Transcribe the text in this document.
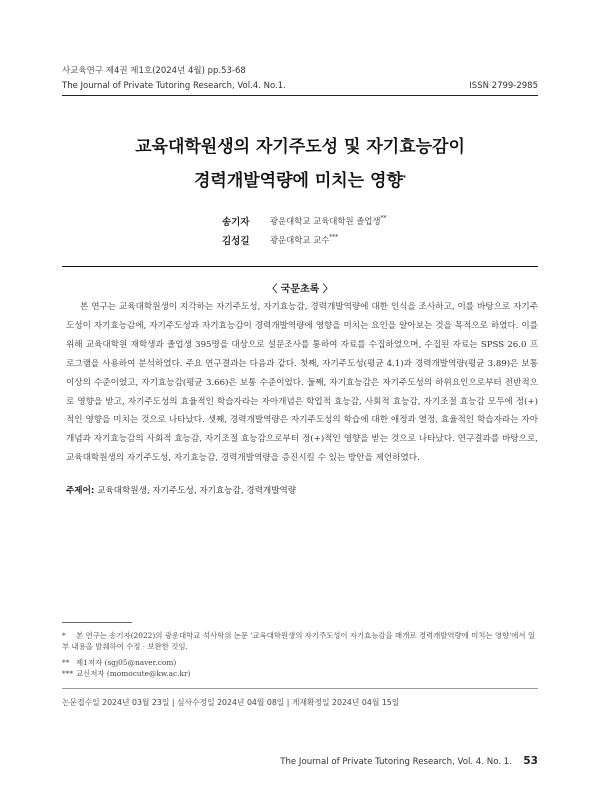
사교육연구 제4권 제1호(2024년 4월) pp.53-68
The Journal of Private Tutoring Research, Vol.4. No.1.	ISSN 2799-2985
교육대학원생의 자기주도성 및 자기효능감이
경력개발역량에 미치는 영향*
송기자 광운대학교 교육대학원 졸업생**
김성길 광운대학교 교수***
〈 국문초록 〉

본 연구는 교육대학원생이 지각하는 자기주도성, 자기효능감, 경력개발역량에 대한 인식을 조사하고, 이를 바탕으로 자기주도성이 자기효능감에, 자기주도성과 자기효능감이 경력개발역량에 영향을 미치는 요인을 알아보는 것을 목적으로 하였다. 이를 위해 교육대학원 재학생과 졸업생 395명을 대상으로 설문조사를 통하여 자료를 수집하였으며, 수집된 자료는 SPSS 26.0 프로그램을 사용하여 분석하였다. 주요 연구결과는 다음과 같다. 첫째, 자기주도성(평균 4.1)과 경력개발역량(평균 3.89)은 보통 이상의 수준이었고, 자기효능감(평균 3.66)은 보통 수준이었다. 둘째, 자기효능감은 자기주도성의 하위요인으로부터 전반적으로 영향을 받고, 자기주도성의 효율적인 학습자라는 자아개념은 학업적 효능감, 사회적 효능감, 자기조절 효능감 모두에 정(+)적인 영향을 미치는 것으로 나타났다. 셋째, 경력개발역량은 자기주도성의 학습에 대한 애정과 열정, 효율적인 학습자라는 자아개념과 자기효능감의 사회적 효능감, 자기조절 효능감으로부터 정(+)적인 영향을 받는 것으로 나타났다. 연구결과를 바탕으로, 교육대학원생의 자기주도성, 자기효능감, 경력개발역량을 증진시킬 수 있는 방안을 제언하였다.

주제어: 교육대학원생, 자기주도성, 자기효능감, 경력개발역량
* 본 연구는 송기자(2022)의 광운대학교 석사학위 논문 '교육대학원생의 자기주도성이 자기효능감을 매개로 경력개발역량에 미치는 영향'에서 일부 내용을 발췌하여 수정 · 보완한 것임.
** 제1저자 (sgj05@naver.com)
*** 교신저자 (momocute@kw.ac.kr)
논문접수일 2024년 03월 23일 | 심사수정일 2024년 04월 08일 | 게재확정일 2024년 04월 15일
The Journal of Private Tutoring Research, Vol. 4. No. 1. 53
